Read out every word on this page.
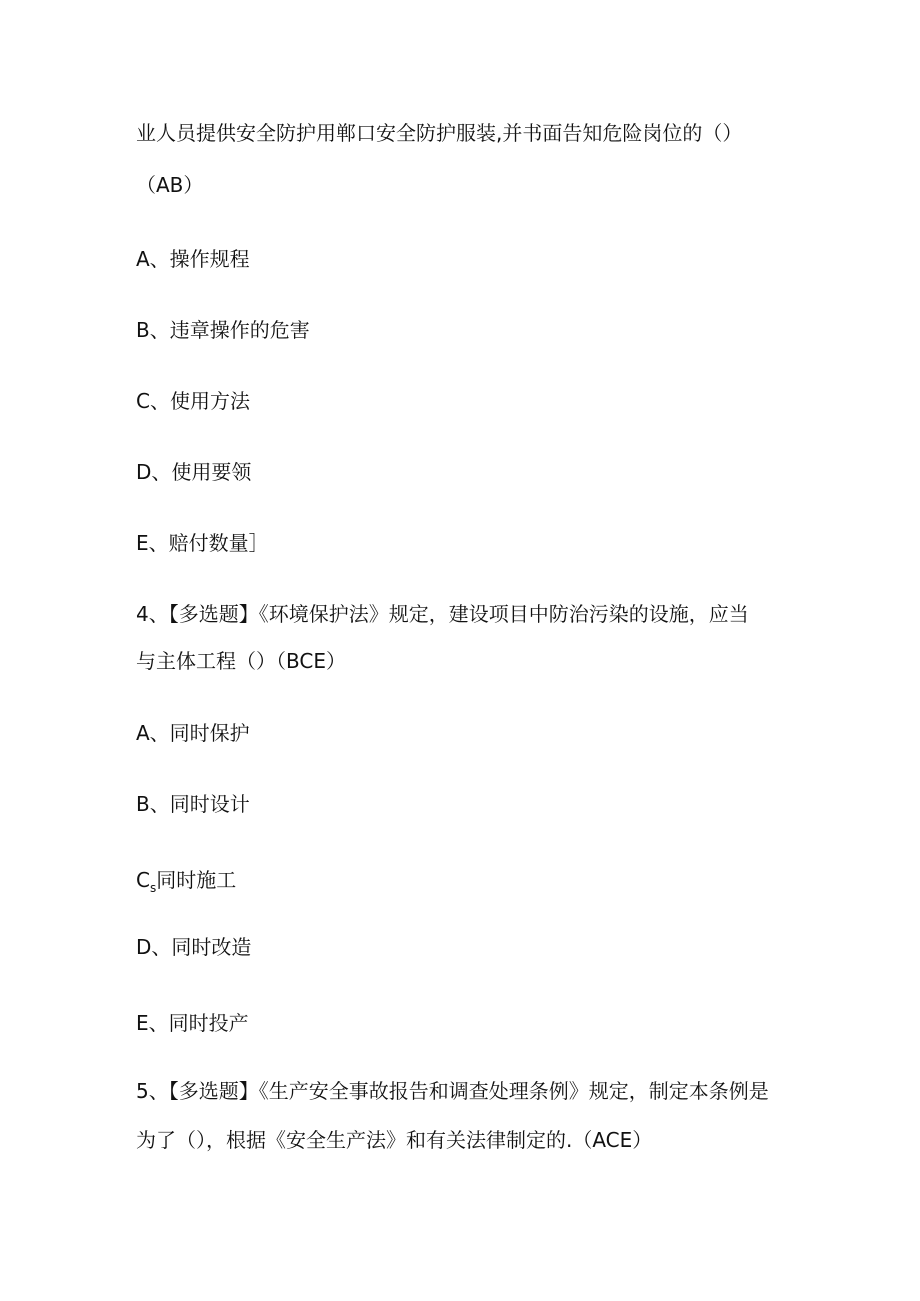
业人员提供安全防护用郸口安全防护服装,并书面告知危险岗位的（）
（AB）
A、操作规程
B、违章操作的危害
C、使用方法
D、使用要领
E、赔付数量］
4、【多选题】《环境保护法》规定，建设项目中防治污染的设施，应当
与主体工程（）（BCE）
A、同时保护
B、同时设计
$C_s$同时施工
D、同时改造
E、同时投产
5、【多选题】《生产安全事故报告和调查处理条例》规定，制定本条例是
为了（），根据《安全生产法》和有关法律制定的.（ACE）
